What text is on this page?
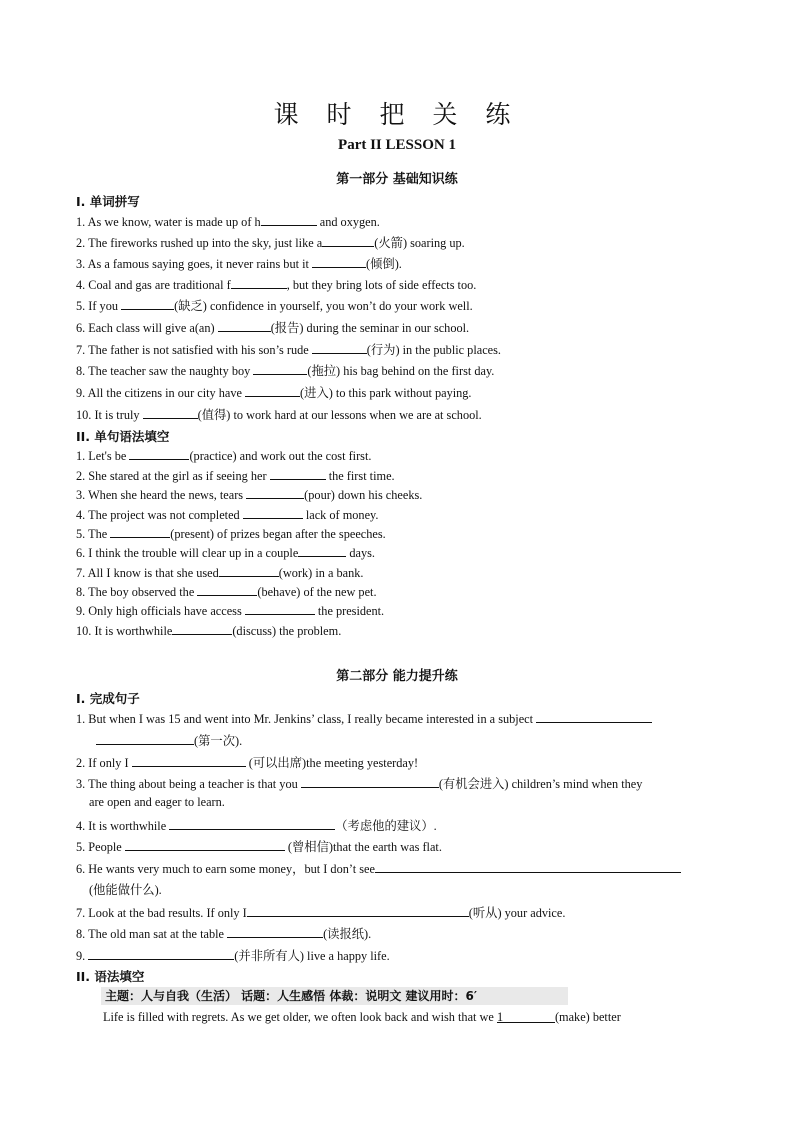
课 时 把 关 练
Part II LESSON 1
第一部分 基础知识练
I. 单词拼写
1. As we know, water is made up of h	and oxygen.
2. The fireworks rushed up into the sky, just like a	(火箭) soaring up.
3. As a famous saying goes, it never rains but it	(倾倒).
4. Coal and gas are traditional f	, but they bring lots of side effects too.
5. If you	(缺乏) confidence in yourself, you won’t do your work well.
6. Each class will give a(an)	(报告) during the seminar in our school.
7. The father is not satisfied with his son’s rude	(行为) in the public places.
8. The teacher saw the naughty boy	(拖拉) his bag behind on the first day.
9. All the citizens in our city have	(进入) to this park without paying.
10. It is truly	(值得) to work hard at our lessons when we are at school.
II. 单句语法填空
1. Let's be	(practice) and work out the cost first.
2. She stared at the girl as if seeing her	the first time.
3. When she heard the news, tears	(pour) down his cheeks.
4. The project was not completed	lack of money.
5. The	(present) of prizes began after the speeches.
6. I think the trouble will clear up in a couple	days.
7. All I know is that she used	(work) in a bank.
8. The boy observed the	(behave) of the new pet.
9. Only high officials have access	the president.
10. It is worthwhile	(discuss) the problem.
第二部分 能力提升练
I. 完成句子
1. But when I was 15 and went into Mr. Jenkins’ class, I really became interested in a subject
(第一次).
2. If only I	(可以出席)the meeting yesterday!
3. The thing about being a teacher is that you	(有机会进入) children’s mind when they
are open and eager to learn.
4. It is worthwhile	（考虑他的建议）.
5. People	(曾相信)that the earth was flat.
6. He wants very much to earn some money，but I don’t see
(他能做什么).
7. Look at the bad results. If only I	(听从) your advice.
8. The old man sat at the table	(读报纸).
9.	(并非所有人) live a happy life.
II. 语法填空
主题：人与自我（生活） 话题：人生感悟 体裁：说明文 建议用时：6′
Life is filled with regrets. As we get older, we often look back and wish that we 1	(make) better
